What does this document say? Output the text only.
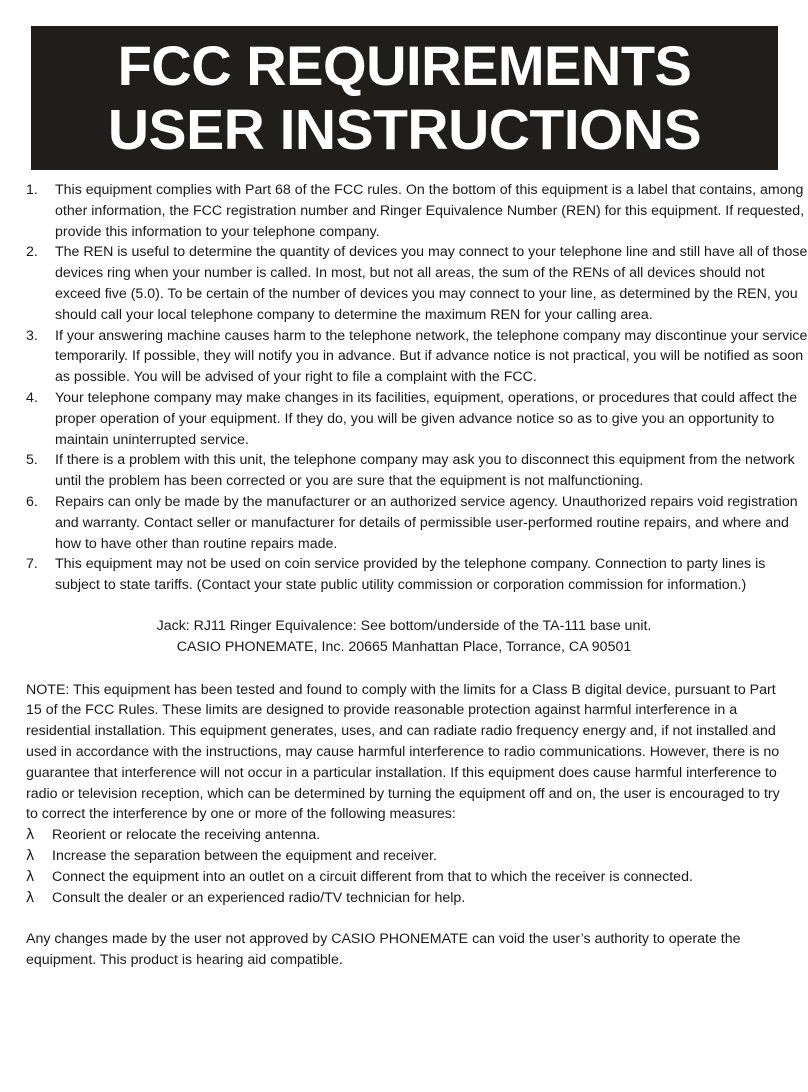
FCC REQUIREMENTS
USER INSTRUCTIONS
1.	This equipment complies with Part 68 of the FCC rules. On the bottom of this equipment is a label that contains, among other information, the FCC registration number and Ringer Equivalence Number (REN) for this equipment. If requested, provide this information to your telephone company.
2.	The REN is useful to determine the quantity of devices you may connect to your telephone line and still have all of those devices ring when your number is called. In most, but not all areas, the sum of the RENs of all devices should not exceed five (5.0). To be certain of the number of devices you may connect to your line, as determined by the REN, you should call your local telephone company to determine the maximum REN for your calling area.
3.	If your answering machine causes harm to the telephone network, the telephone company may discontinue your service temporarily. If possible, they will notify you in advance. But if advance notice is not practical, you will be notified as soon as possible. You will be advised of your right to file a complaint with the FCC.
4.	Your telephone company may make changes in its facilities, equipment, operations, or procedures that could affect the proper operation of your equipment. If they do, you will be given advance notice so as to give you an opportunity to maintain uninterrupted service.
5.	If there is a problem with this unit, the telephone company may ask you to disconnect this equipment from the network until the problem has been corrected or you are sure that the equipment is not malfunctioning.
6.	Repairs can only be made by the manufacturer or an authorized service agency. Unauthorized repairs void registration and warranty. Contact seller or manufacturer for details of permissible user-performed routine repairs, and where and how to have other than routine repairs made.
7.	This equipment may not be used on coin service provided by the telephone company. Connection to party lines is subject to state tariffs. (Contact your state public utility commission or corporation commission for information.)
Jack: RJ11 Ringer Equivalence: See bottom/underside of the TA-111 base unit.
CASIO PHONEMATE, Inc. 20665 Manhattan Place, Torrance, CA 90501
NOTE: This equipment has been tested and found to comply with the limits for a Class B digital device, pursuant to Part 15 of the FCC Rules. These limits are designed to provide reasonable protection against harmful interference in a residential installation. This equipment generates, uses, and can radiate radio frequency energy and, if not installed and used in accordance with the instructions, may cause harmful interference to radio communications. However, there is no guarantee that interference will not occur in a particular installation. If this equipment does cause harmful interference to radio or television reception, which can be determined by turning the equipment off and on, the user is encouraged to try to correct the interference by one or more of the following measures:
λ Reorient or relocate the receiving antenna.
λ Increase the separation between the equipment and receiver.
λ Connect the equipment into an outlet on a circuit different from that to which the receiver is connected.
λ Consult the dealer or an experienced radio/TV technician for help.
Any changes made by the user not approved by CASIO PHONEMATE can void the user’s authority to operate the equipment. This product is hearing aid compatible.
